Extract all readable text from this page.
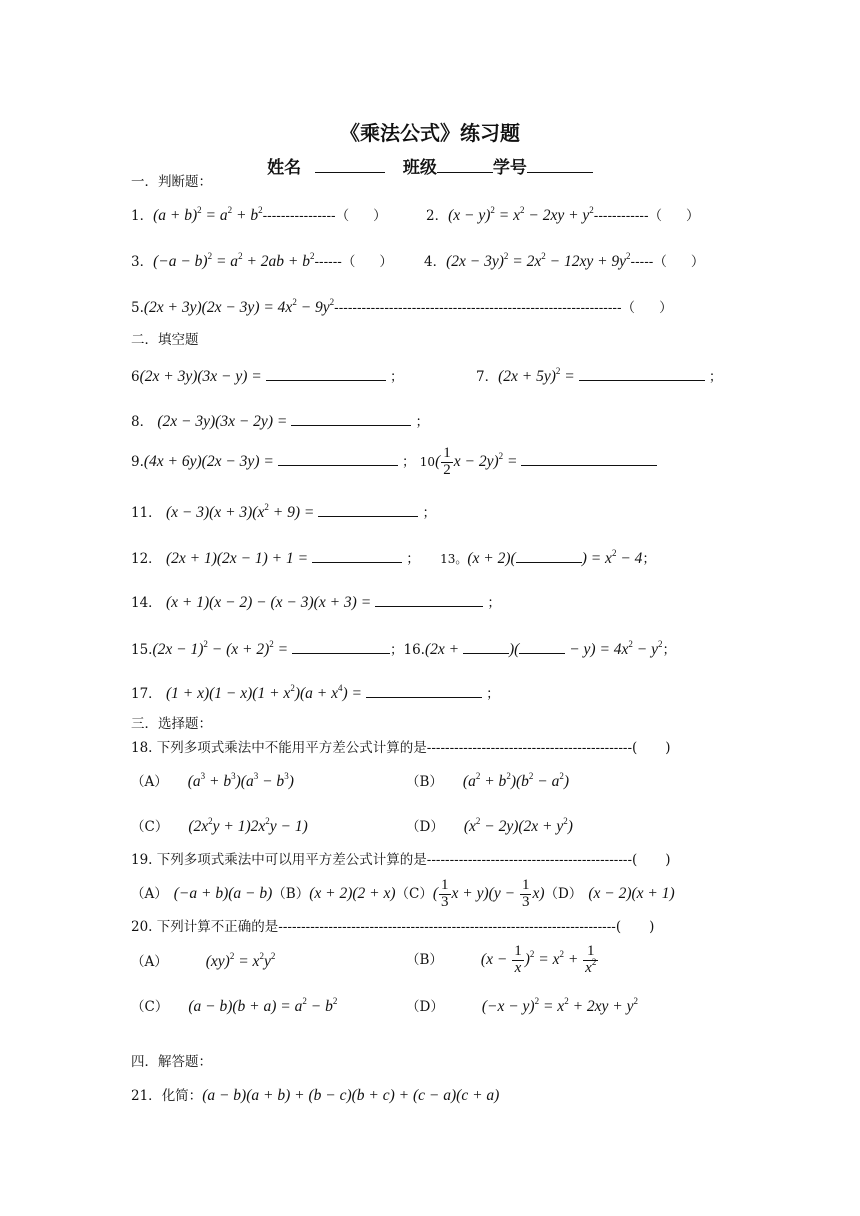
《乘法公式》练习题
姓名	班级	学号
一．判断题：
1．$(a + b)^2 = a^2 + b^2----------------$（ ）	2．$(x - y)^2 = x^2 - 2xy + y^2------------$（ ）
3．$(-a - b)^2 = a^2 + 2ab + b^2------$（ ） 4．$(2x - 3y)^2 = 2x^2 - 12xy + 9y^2-----$（ ）
$5.(2x + 3y)(2x - 3y) = 4x^2 - 9y^2---------------------------------------------------------------$（ ）
二．填空题
6(2x + 3y)(3x − y) =	；	7．$(2x + 5y)^2$ =	；
8． (2x − 3y)(3x − 2y) =	；
9.(4x + 6y)(2x − 3y) =	； $10( \frac{1}{2}$ $x - 2y)^2$ =
11． $(x - 3)(x + 3)(x^2 + 9)$ =	；
12． (2x + 1)(2x − 1) + 1 =	； 13。(x + 2)(	) = $x^2 - 4$；
14． (x + 1)(x − 2) − (x − 3)(x + 3) =	；
$15.(2x - 1)^2 - (x + 2)^2$ =	；16.(2x +	)(	− $y) = 4x^2 - y^2$；
17． $(1 + x)(1 - x)(1 + x^2)(a + x^4)$ =	；
三．选择题：
18. 下列多项式乘法中不能用平方差公式计算的是---------------------------------------------( )
（A） $(a^3 + b^3)(a^3 - b^3)$	（B） $(a^2 + b^2)(b^2 - a^2)$
（C） $(2x^2y + 1)2x^2y - 1$)	（D） $(x^2 - 2y)(2x + y^2)$
19. 下列多项式乘法中可以用平方差公式计算的是---------------------------------------------( )
（A） $(-a + b)(a - b)(B)(x + 2)(2 + x)(C)( \frac{1}{3}$ $x + y)(y - \frac{1}{3} x)(D) (x - 2)(x + 1)$
20. 下列计算不正确的是--------------------------------------------------------------------------( )
（A） $(xy)^2 = x^2y^2$	（B） $(x - \frac{1}{x} )^2 = x^2 + \frac{1}{x^2}$
（C） $(a - b)(b + a) = a^2 - b^2$	（D） $(-x - y)^2 = x^2 + 2xy + y^2$
四．解答题：
21．化简：(a − b)(a + b) + (b − c)(b + c) + (c − a)(c + a)
